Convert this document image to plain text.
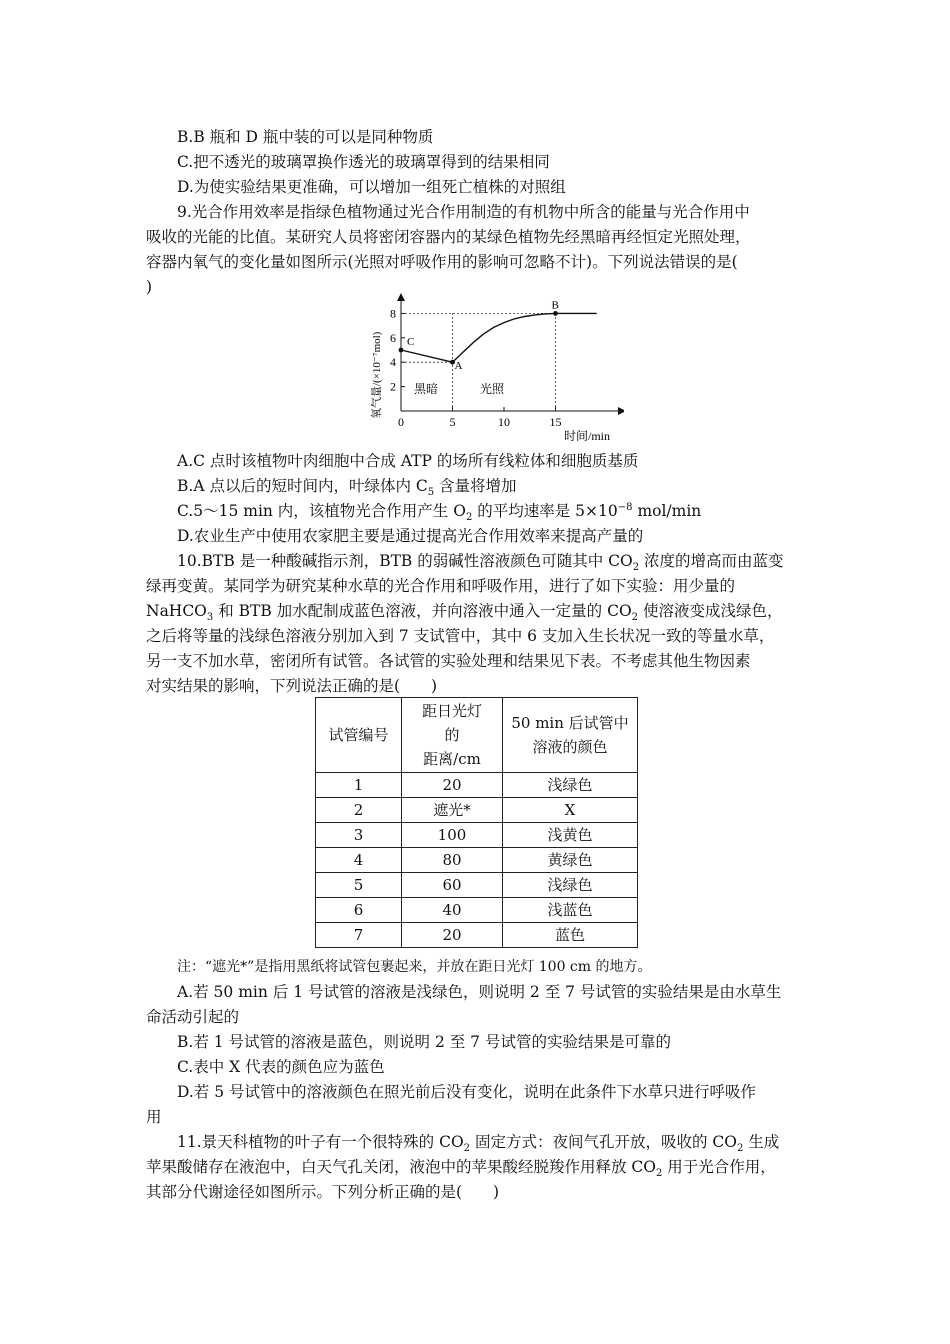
B.B 瓶和 D 瓶中装的可以是同种物质
C.把不透光的玻璃罩换作透光的玻璃罩得到的结果相同
D.为使实验结果更准确，可以增加一组死亡植株的对照组
9.光合作用效率是指绿色植物通过光合作用制造的有机物中所含的能量与光合作用中
吸收的光能的比值。某研究人员将密闭容器内的某绿色植物先经黑暗再经恒定光照处理，
容器内氧气的变化量如图所示(光照对呼吸作用的影响可忽略不计)。下列说法错误的是(
)
2
4
6
8
0	5	10	15
C
A
B
氧气量/(×10⁻⁷mol)
时间/min
黑暗	光照
A.C 点时该植物叶肉细胞中合成 ATP 的场所有线粒体和细胞质基质
B.A 点以后的短时间内，叶绿体内 $C_5$ 含量将增加
C.5～15 min 内，该植物光合作用产生 $O_2$ 的平均速率是 $5\times 10^{-8}$ mol/min
D.农业生产中使用农家肥主要是通过提高光合作用效率来提高产量的
10.BTB 是一种酸碱指示剂，BTB 的弱碱性溶液颜色可随其中 $CO_2$ 浓度的增高而由蓝变
绿再变黄。某同学为研究某种水草的光合作用和呼吸作用，进行了如下实验：用少量的
NaHCO$_3$ 和 BTB 加水配制成蓝色溶液，并向溶液中通入一定量的 $CO_2$ 使溶液变成浅绿色，
之后将等量的浅绿色溶液分别加入到 7 支试管中，其中 6 支加入生长状况一致的等量水草，
另一支不加水草，密闭所有试管。各试管的实验处理和结果见下表。不考虑其他生物因素
对实结果的影响，下列说法正确的是(　　)
试管编号	距日光灯
的
距离/cm	50 min 后试管中
溶液的颜色
1	20	浅绿色
2	遮光*	X
3	100	浅黄色
4	80	黄绿色
5	60	浅绿色
6	40	浅蓝色
7	20	蓝色
注：“遮光*”是指用黑纸将试管包裹起来，并放在距日光灯 100 cm 的地方。
A.若 50 min 后 1 号试管的溶液是浅绿色，则说明 2 至 7 号试管的实验结果是由水草生
命活动引起的
B.若 1 号试管的溶液是蓝色，则说明 2 至 7 号试管的实验结果是可靠的
C.表中 X 代表的颜色应为蓝色
D.若 5 号试管中的溶液颜色在照光前后没有变化，说明在此条件下水草只进行呼吸作
用
11.景天科植物的叶子有一个很特殊的 $CO_2$ 固定方式：夜间气孔开放，吸收的 $CO_2$ 生成
苹果酸储存在液泡中，白天气孔关闭，液泡中的苹果酸经脱羧作用释放 $CO_2$ 用于光合作用，
其部分代谢途径如图所示。下列分析正确的是(　　)
